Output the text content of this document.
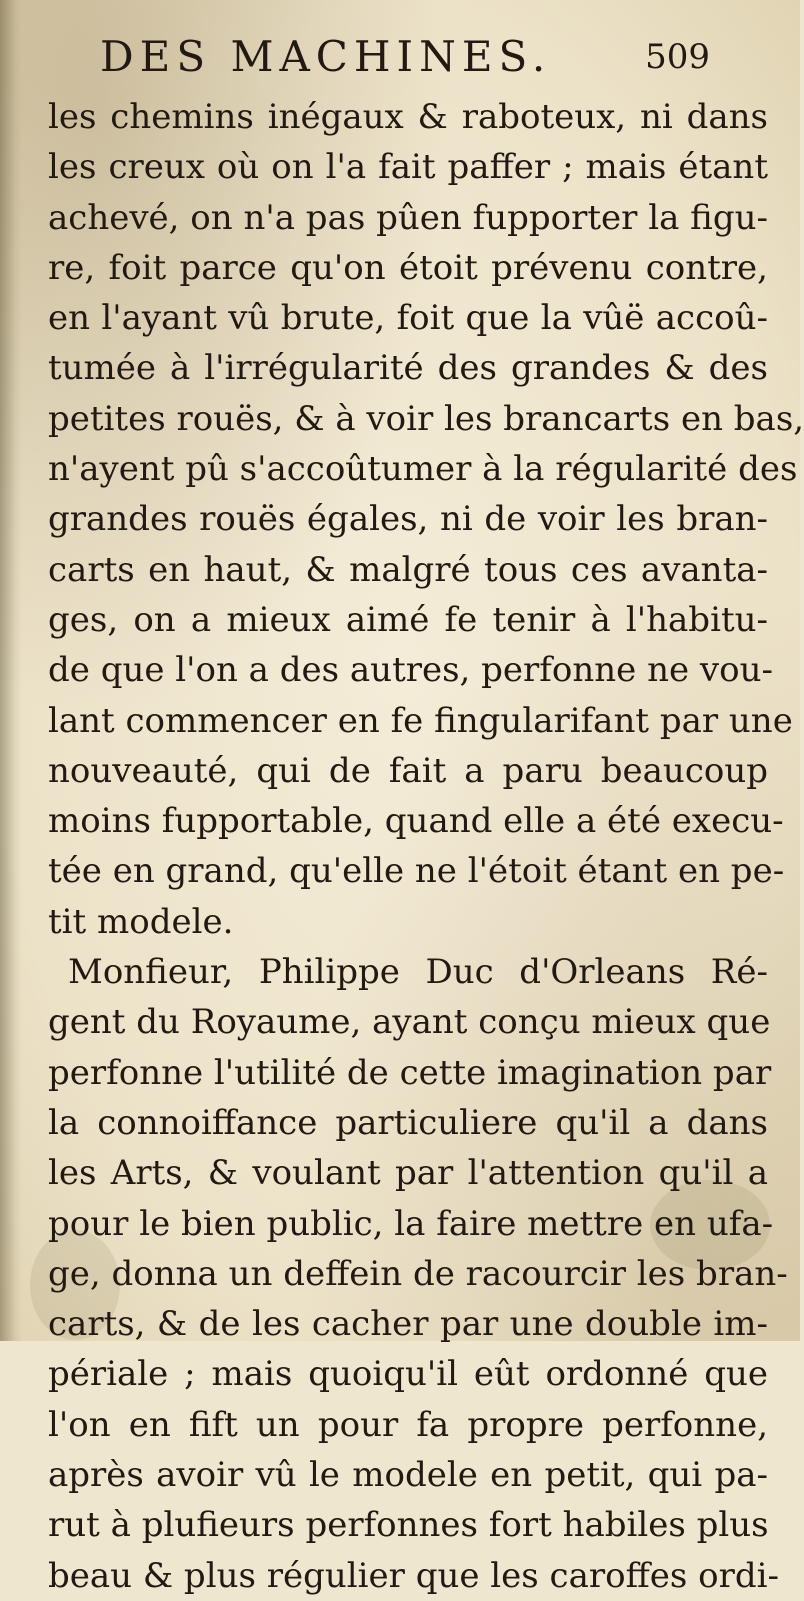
DES MACHINES.	509
les chemins inégaux & raboteux, ni dans
les creux où on l'a fait paffer ; mais étant
achevé, on n'a pas pûen fupporter la figu-
re, foit parce qu'on étoit prévenu contre,
en l'ayant vû brute, foit que la vûë accoû-
tumée à l'irrégularité des grandes & des
petites rouës, & à voir les brancarts en bas,
n'ayent pû s'accoûtumer à la régularité des
grandes rouës égales, ni de voir les bran-
carts en haut, & malgré tous ces avanta-
ges, on a mieux aimé fe tenir à l'habitu-
de que l'on a des autres, perfonne ne vou-
lant commencer en fe fingularifant par une
nouveauté, qui de fait a paru beaucoup
moins fupportable, quand elle a été execu-
tée en grand, qu'elle ne l'étoit étant en pe-
tit modele.
Monfieur, Philippe Duc d'Orleans Ré-
gent du Royaume, ayant conçu mieux que
perfonne l'utilité de cette imagination par
la connoiffance particuliere qu'il a dans
les Arts, & voulant par l'attention qu'il a
pour le bien public, la faire mettre en ufa-
ge, donna un deffein de racourcir les bran-
carts, & de les cacher par une double im-
périale ; mais quoiqu'il eût ordonné que
l'on en fift un pour fa propre perfonne,
après avoir vû le modele en petit, qui pa-
rut à plufieurs perfonnes fort habiles plus
beau & plus régulier que les caroffes ordi-
